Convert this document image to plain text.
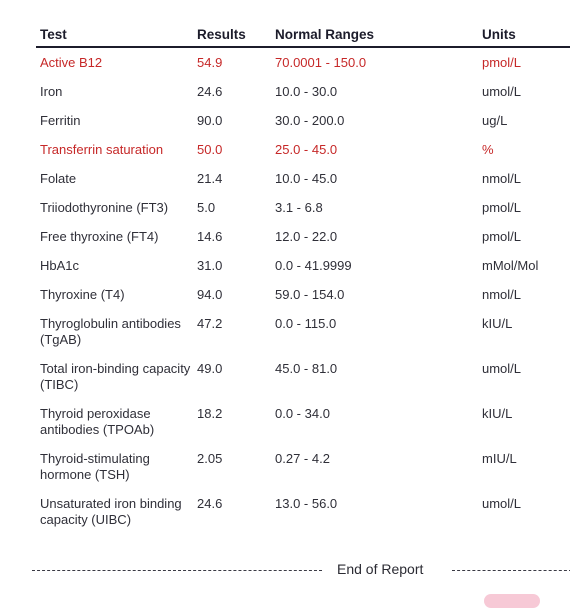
Test	Results	Normal Ranges	Units
Active B12	54.9	70.0001 - 150.0	pmol/L
Iron	24.6	10.0 - 30.0	umol/L
Ferritin	90.0	30.0 - 200.0	ug/L
Transferrin saturation	50.0	25.0 - 45.0	%
Folate	21.4	10.0 - 45.0	nmol/L
Triiodothyronine (FT3)	5.0	3.1 - 6.8	pmol/L
Free thyroxine (FT4)	14.6	12.0 - 22.0	pmol/L
HbA1c	31.0	0.0 - 41.9999	mMol/Mol
Thyroxine (T4)	94.0	59.0 - 154.0	nmol/L
Thyroglobulin antibodies (TgAB)	47.2	0.0 - 115.0	kIU/L
Total iron-binding capacity (TIBC)	49.0	45.0 - 81.0	umol/L
Thyroid peroxidase antibodies (TPOAb)	18.2	0.0 - 34.0	kIU/L
Thyroid-stimulating hormone (TSH)	2.05	0.27 - 4.2	mIU/L
Unsaturated iron binding capacity (UIBC)	24.6	13.0 - 56.0	umol/L
End of Report
